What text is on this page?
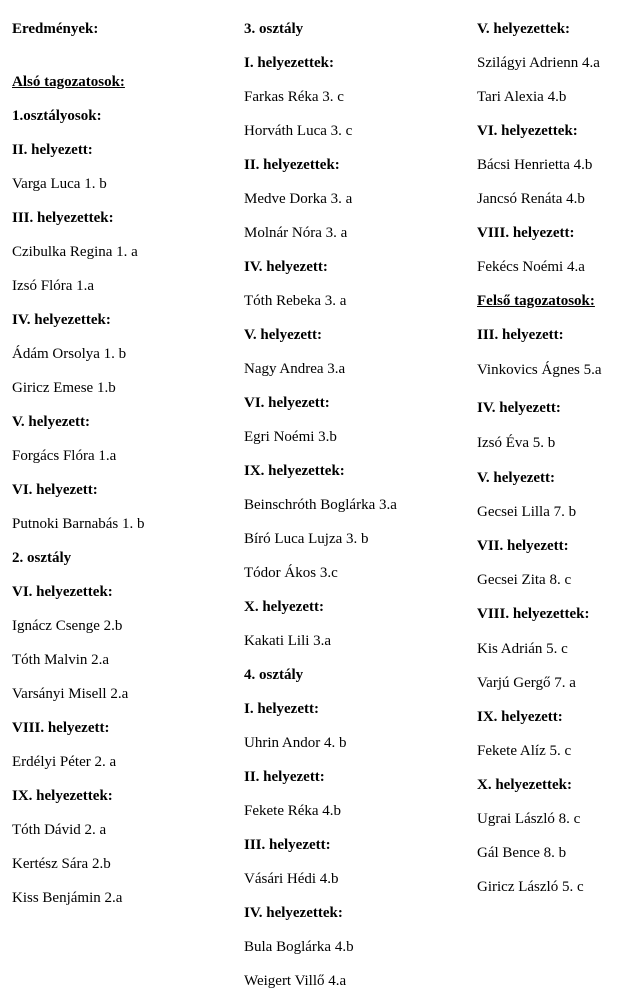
Eredmények:
Alsó tagozatosok:
1.osztályosok:
II. helyezett:
Varga Luca 1. b
III. helyezettek:
Czibulka Regina 1. a
Izsó Flóra 1.a
IV. helyezettek:
Ádám Orsolya 1. b
Giricz Emese 1.b
V. helyezett:
Forgács Flóra 1.a
VI. helyezett:
Putnoki Barnabás 1. b
2. osztály
VI. helyezettek:
Ignácz Csenge 2.b
Tóth Malvin 2.a
Varsányi Misell 2.a
VIII. helyezett:
Erdélyi Péter 2. a
IX. helyezettek:
Tóth Dávid 2. a
Kertész Sára 2.b
Kiss Benjámin 2.a
3. osztály
I. helyezettek:
Farkas Réka 3. c
Horváth Luca 3. c
II. helyezettek:
Medve Dorka 3. a
Molnár Nóra 3. a
IV. helyezett:
Tóth Rebeka 3. a
V. helyezett:
Nagy Andrea 3.a
VI. helyezett:
Egri Noémi 3.b
IX. helyezettek:
Beinschróth Boglárka 3.a
Bíró Luca Lujza 3. b
Tódor Ákos 3.c
X. helyezett:
Kakati Lili 3.a
4. osztály
I. helyezett:
Uhrin Andor 4. b
II. helyezett:
Fekete Réka 4.b
III. helyezett:
Vásári Hédi 4.b
IV. helyezettek:
Bula Boglárka 4.b
Weigert Villő 4.a
V. helyezettek:
Szilágyi Adrienn 4.a
Tari Alexia 4.b
VI. helyezettek:
Bácsi Henrietta 4.b
Jancsó Renáta 4.b
VIII. helyezett:
Fekécs Noémi 4.a
Felső tagozatosok:
III. helyezett:
Vinkovics Ágnes 5.a
IV. helyezett:
Izsó Éva 5. b
V. helyezett:
Gecsei Lilla 7. b
VII. helyezett:
Gecsei Zita 8. c
VIII. helyezettek:
Kis Adrián 5. c
Varjú Gergő 7. a
IX. helyezett:
Fekete Alíz 5. c
X. helyezettek:
Ugrai László 8. c
Gál Bence 8. b
Giricz László 5. c
